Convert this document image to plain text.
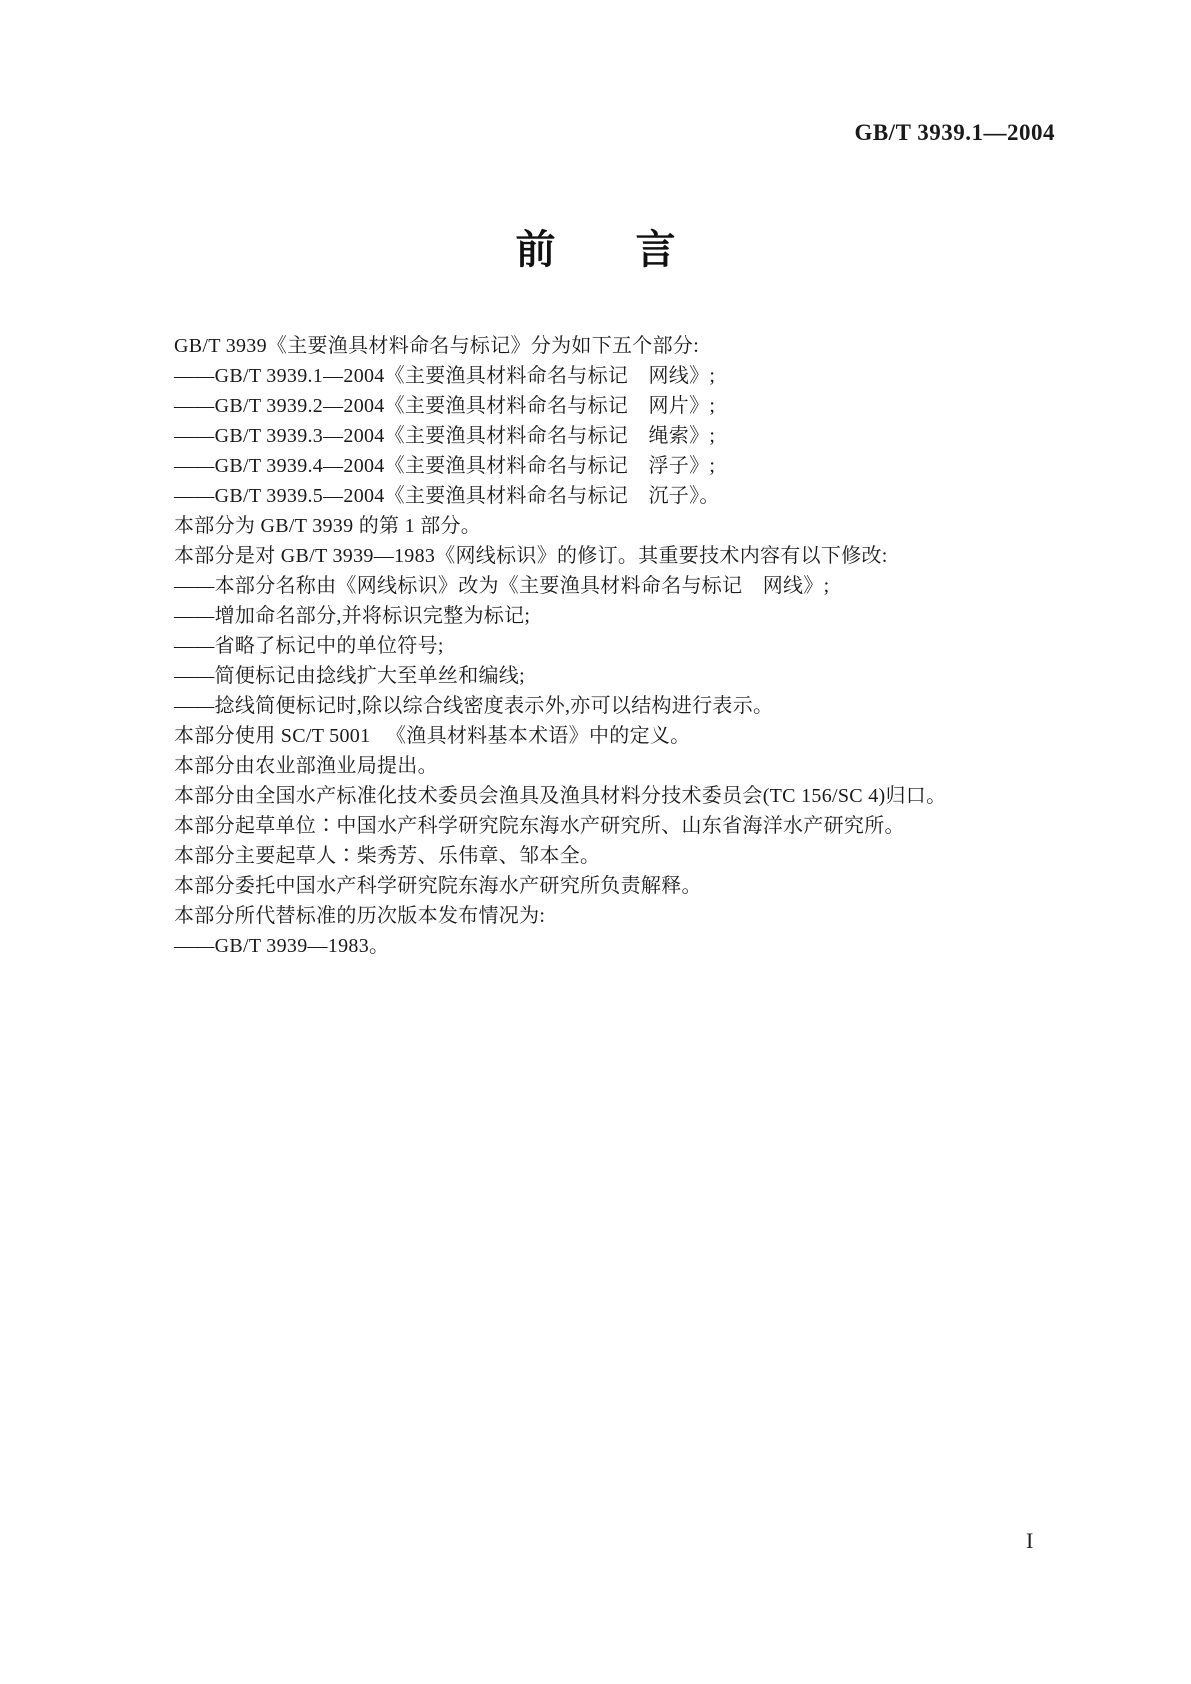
GB/T 3939.1—2004
前　　言

GB/T 3939《主要渔具材料命名与标记》分为如下五个部分:

——GB/T 3939.1—2004《主要渔具材料命名与标记　网线》;

——GB/T 3939.2—2004《主要渔具材料命名与标记　网片》;

——GB/T 3939.3—2004《主要渔具材料命名与标记　绳索》;

——GB/T 3939.4—2004《主要渔具材料命名与标记　浮子》;

——GB/T 3939.5—2004《主要渔具材料命名与标记　沉子》。

本部分为 GB/T 3939 的第 1 部分。

本部分是对 GB/T 3939—1983《网线标识》的修订。其重要技术内容有以下修改:

——本部分名称由《网线标识》改为《主要渔具材料命名与标记　网线》;

——增加命名部分,并将标识完整为标记;

——省略了标记中的单位符号;

——简便标记由捻线扩大至单丝和编线;

——捻线简便标记时,除以综合线密度表示外,亦可以结构进行表示。

本部分使用 SC/T 5001 　《渔具材料基本术语》中的定义。

本部分由农业部渔业局提出。

本部分由全国水产标准化技术委员会渔具及渔具材料分技术委员会(TC 156/SC 4)归口。

本部分起草单位∶中国水产科学研究院东海水产研究所、山东省海洋水产研究所。

本部分主要起草人∶柴秀芳、乐伟章、邹本全。

本部分委托中国水产科学研究院东海水产研究所负责解释。

本部分所代替标准的历次版本发布情况为:

——GB/T 3939—1983。

I
